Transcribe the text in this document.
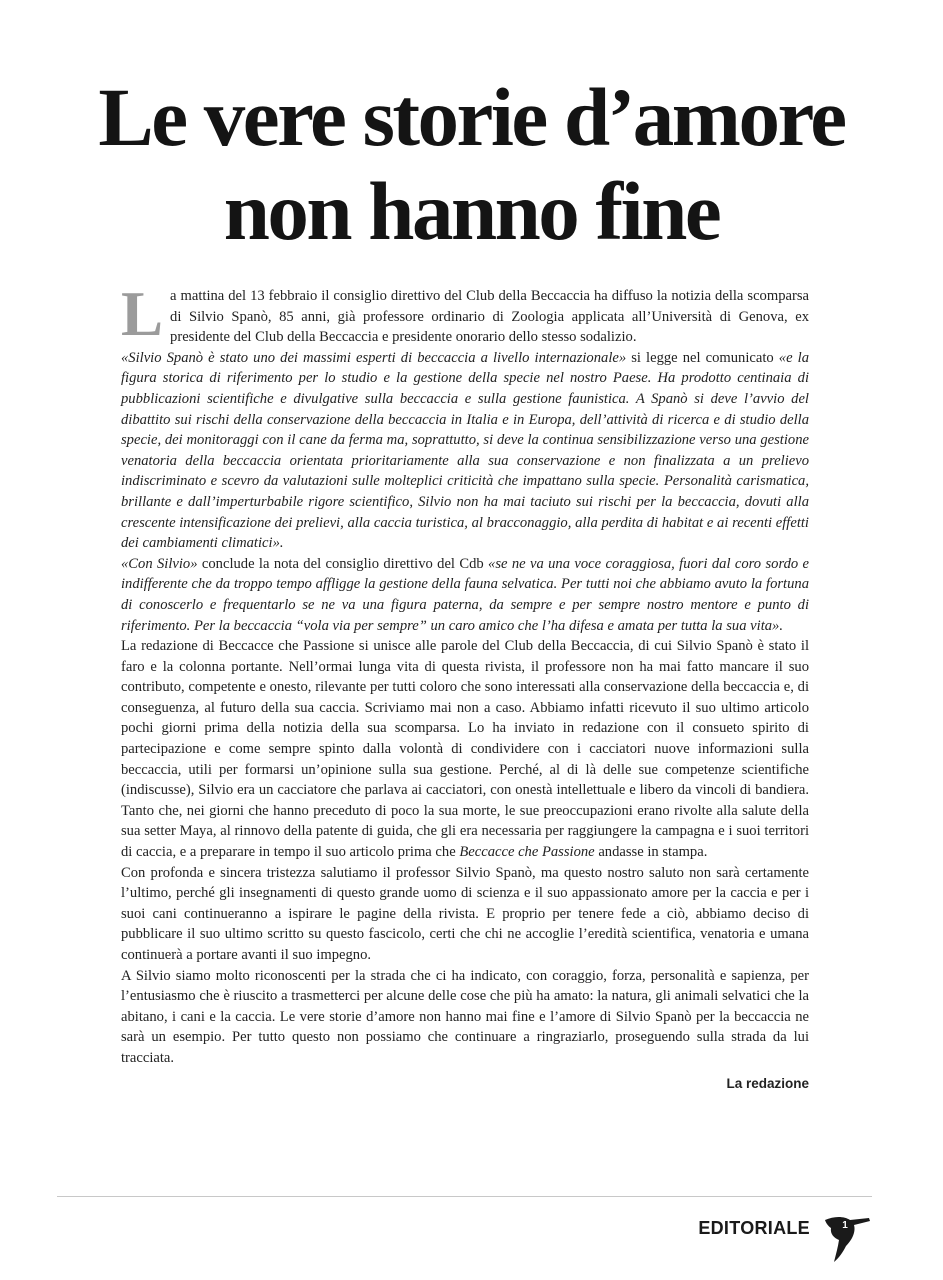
Le vere storie d’amore
non hanno fine

La mattina del 13 febbraio il consiglio direttivo del Club della Beccaccia ha diffuso la notizia della scomparsa di Silvio Spanò, 85 anni, già professore ordinario di Zoologia applicata all’Università di Genova, ex presidente del Club della Beccaccia e presidente onorario dello stesso sodalizio.

«Silvio Spanò è stato uno dei massimi esperti di beccaccia a livello internazionale» si legge nel comunicato «e la figura storica di riferimento per lo studio e la gestione della specie nel nostro Paese. Ha prodotto centinaia di pubblicazioni scientifiche e divulgative sulla beccaccia e sulla gestione faunistica. A Spanò si deve l’avvio del dibattito sui rischi della conservazione della beccaccia in Italia e in Europa, dell’attività di ricerca e di studio della specie, dei monitoraggi con il cane da ferma ma, soprattutto, si deve la continua sensibilizzazione verso una gestione venatoria della beccaccia orientata prioritariamente alla sua conservazione e non finalizzata a un prelievo indiscriminato e scevro da valutazioni sulle molteplici criticità che impattano sulla specie. Personalità carismatica, brillante e dall’imperturbabile rigore scientifico, Silvio non ha mai taciuto sui rischi per la beccaccia, dovuti alla crescente intensificazione dei prelievi, alla caccia turistica, al bracconaggio, alla perdita di habitat e ai recenti effetti dei cambiamenti climatici».

«Con Silvio» conclude la nota del consiglio direttivo del Cdb «se ne va una voce coraggiosa, fuori dal coro sordo e indifferente che da troppo tempo affligge la gestione della fauna selvatica. Per tutti noi che abbiamo avuto la fortuna di conoscerlo e frequentarlo se ne va una figura paterna, da sempre e per sempre nostro mentore e punto di riferimento. Per la beccaccia “vola via per sempre” un caro amico che l’ha difesa e amata per tutta la sua vita».

La redazione di Beccacce che Passione si unisce alle parole del Club della Beccaccia, di cui Silvio Spanò è stato il faro e la colonna portante. Nell’ormai lunga vita di questa rivista, il professore non ha mai fatto mancare il suo contributo, competente e onesto, rilevante per tutti coloro che sono interessati alla conservazione della beccaccia e, di conseguenza, al futuro della sua caccia. Scriviamo mai non a caso. Abbiamo infatti ricevuto il suo ultimo articolo pochi giorni prima della notizia della sua scomparsa. Lo ha inviato in redazione con il consueto spirito di partecipazione e come sempre spinto dalla volontà di condividere con i cacciatori nuove informazioni sulla beccaccia, utili per formarsi un’opinione sulla sua gestione. Perché, al di là delle sue competenze scientifiche (indiscusse), Silvio era un cacciatore che parlava ai cacciatori, con onestà intellettuale e libero da vincoli di bandiera. Tanto che, nei giorni che hanno preceduto di poco la sua morte, le sue preoccupazioni erano rivolte alla salute della sua setter Maya, al rinnovo della patente di guida, che gli era necessaria per raggiungere la campagna e i suoi territori di caccia, e a preparare in tempo il suo articolo prima che Beccacce che Passione andasse in stampa.

Con profonda e sincera tristezza salutiamo il professor Silvio Spanò, ma questo nostro saluto non sarà certamente l’ultimo, perché gli insegnamenti di questo grande uomo di scienza e il suo appassionato amore per la caccia e per i suoi cani continueranno a ispirare le pagine della rivista. E proprio per tenere fede a ciò, abbiamo deciso di pubblicare il suo ultimo scritto su questo fascicolo, certi che chi ne accoglie l’eredità scientifica, venatoria e umana continuerà a portare avanti il suo impegno.

A Silvio siamo molto riconoscenti per la strada che ci ha indicato, con coraggio, forza, personalità e sapienza, per l’entusiasmo che è riuscito a trasmetterci per alcune delle cose che più ha amato: la natura, gli animali selvatici che la abitano, i cani e la caccia. Le vere storie d’amore non hanno mai fine e l’amore di Silvio Spanò per la beccaccia ne sarà un esempio. Per tutto questo non possiamo che continuare a ringraziarlo, proseguendo sulla strada da lui tracciata.

La redazione
EDITORIALE	1
